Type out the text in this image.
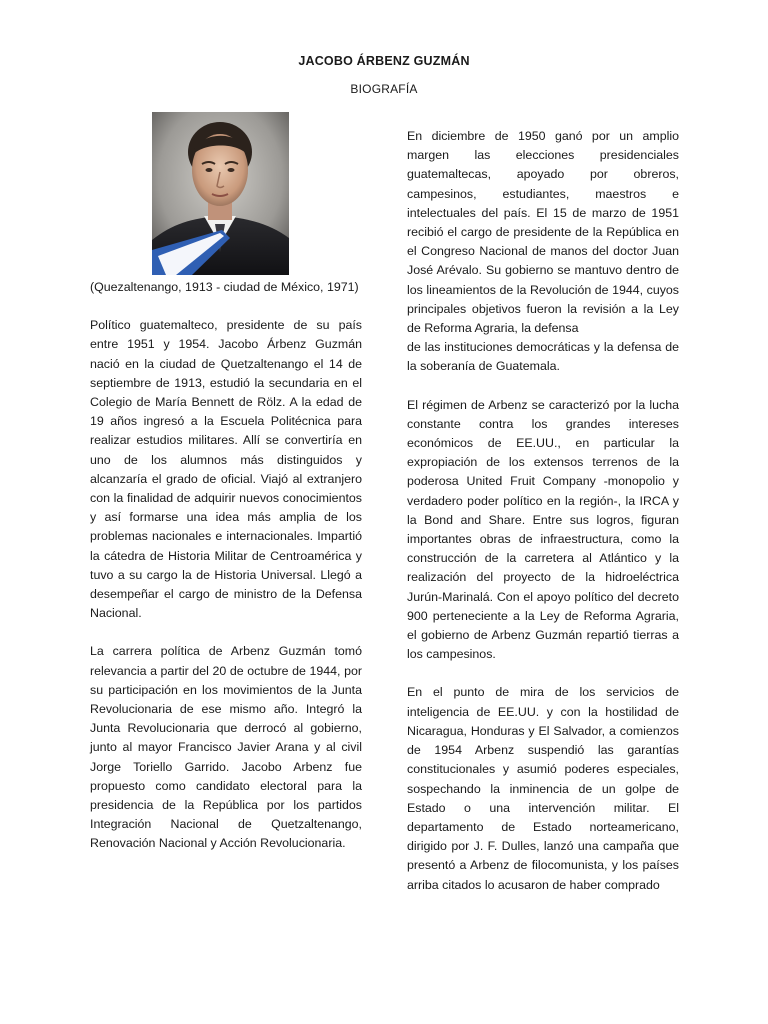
JACOBO ÁRBENZ GUZMÁN
BIOGRAFÍA

(Quezaltenango, 1913 - ciudad de México, 1971)

Político guatemalteco, presidente de su país entre 1951 y 1954. Jacobo Árbenz Guzmán nació en la ciudad de Quetzaltenango el 14 de septiembre de 1913, estudió la secundaria en el Colegio de María Bennett de Rölz. A la edad de 19 años ingresó a la Escuela Politécnica para realizar estudios militares. Allí se convertiría en uno de los alumnos más distinguidos y alcanzaría el grado de oficial. Viajó al extranjero con la finalidad de adquirir nuevos conocimientos y así formarse una idea más amplia de los problemas nacionales e internacionales. Impartió la cátedra de Historia Militar de Centroamérica y tuvo a su cargo la de Historia Universal. Llegó a desempeñar el cargo de ministro de la Defensa Nacional.

La carrera política de Arbenz Guzmán tomó relevancia a partir del 20 de octubre de 1944, por su participación en los movimientos de la Junta Revolucionaria de ese mismo año. Integró la Junta Revolucionaria que derrocó al gobierno, junto al mayor Francisco Javier Arana y al civil Jorge Toriello Garrido. Jacobo Arbenz fue propuesto como candidato electoral para la presidencia de la República por los partidos Integración Nacional de Quetzaltenango, Renovación Nacional y Acción Revolucionaria.

En diciembre de 1950 ganó por un amplio margen las elecciones presidenciales guatemaltecas, apoyado por obreros, campesinos, estudiantes, maestros e intelectuales del país. El 15 de marzo de 1951 recibió el cargo de presidente de la República en el Congreso Nacional de manos del doctor Juan José Arévalo. Su gobierno se mantuvo dentro de los lineamientos de la Revolución de 1944, cuyos principales objetivos fueron la revisión a la Ley de Reforma Agraria, la defensa

de las instituciones democráticas y la defensa de la soberanía de Guatemala.

El régimen de Arbenz se caracterizó por la lucha constante contra los grandes intereses económicos de EE.UU., en particular la expropiación de los extensos terrenos de la poderosa United Fruit Company -monopolio y verdadero poder político en la región-, la IRCA y la Bond and Share. Entre sus logros, figuran importantes obras de infraestructura, como la construcción de la carretera al Atlántico y la realización del proyecto de la hidroeléctrica Jurún-Marinalá. Con el apoyo político del decreto 900 perteneciente a la Ley de Reforma Agraria, el gobierno de Arbenz Guzmán repartió tierras a los campesinos.

En el punto de mira de los servicios de inteligencia de EE.UU. y con la hostilidad de Nicaragua, Honduras y El Salvador, a comienzos de 1954 Arbenz suspendió las garantías constitucionales y asumió poderes especiales, sospechando la inminencia de un golpe de Estado o una intervención militar. El departamento de Estado norteamericano, dirigido por J. F. Dulles, lanzó una campaña que presentó a Arbenz de filocomunista, y los países arriba citados lo acusaron de haber comprado
